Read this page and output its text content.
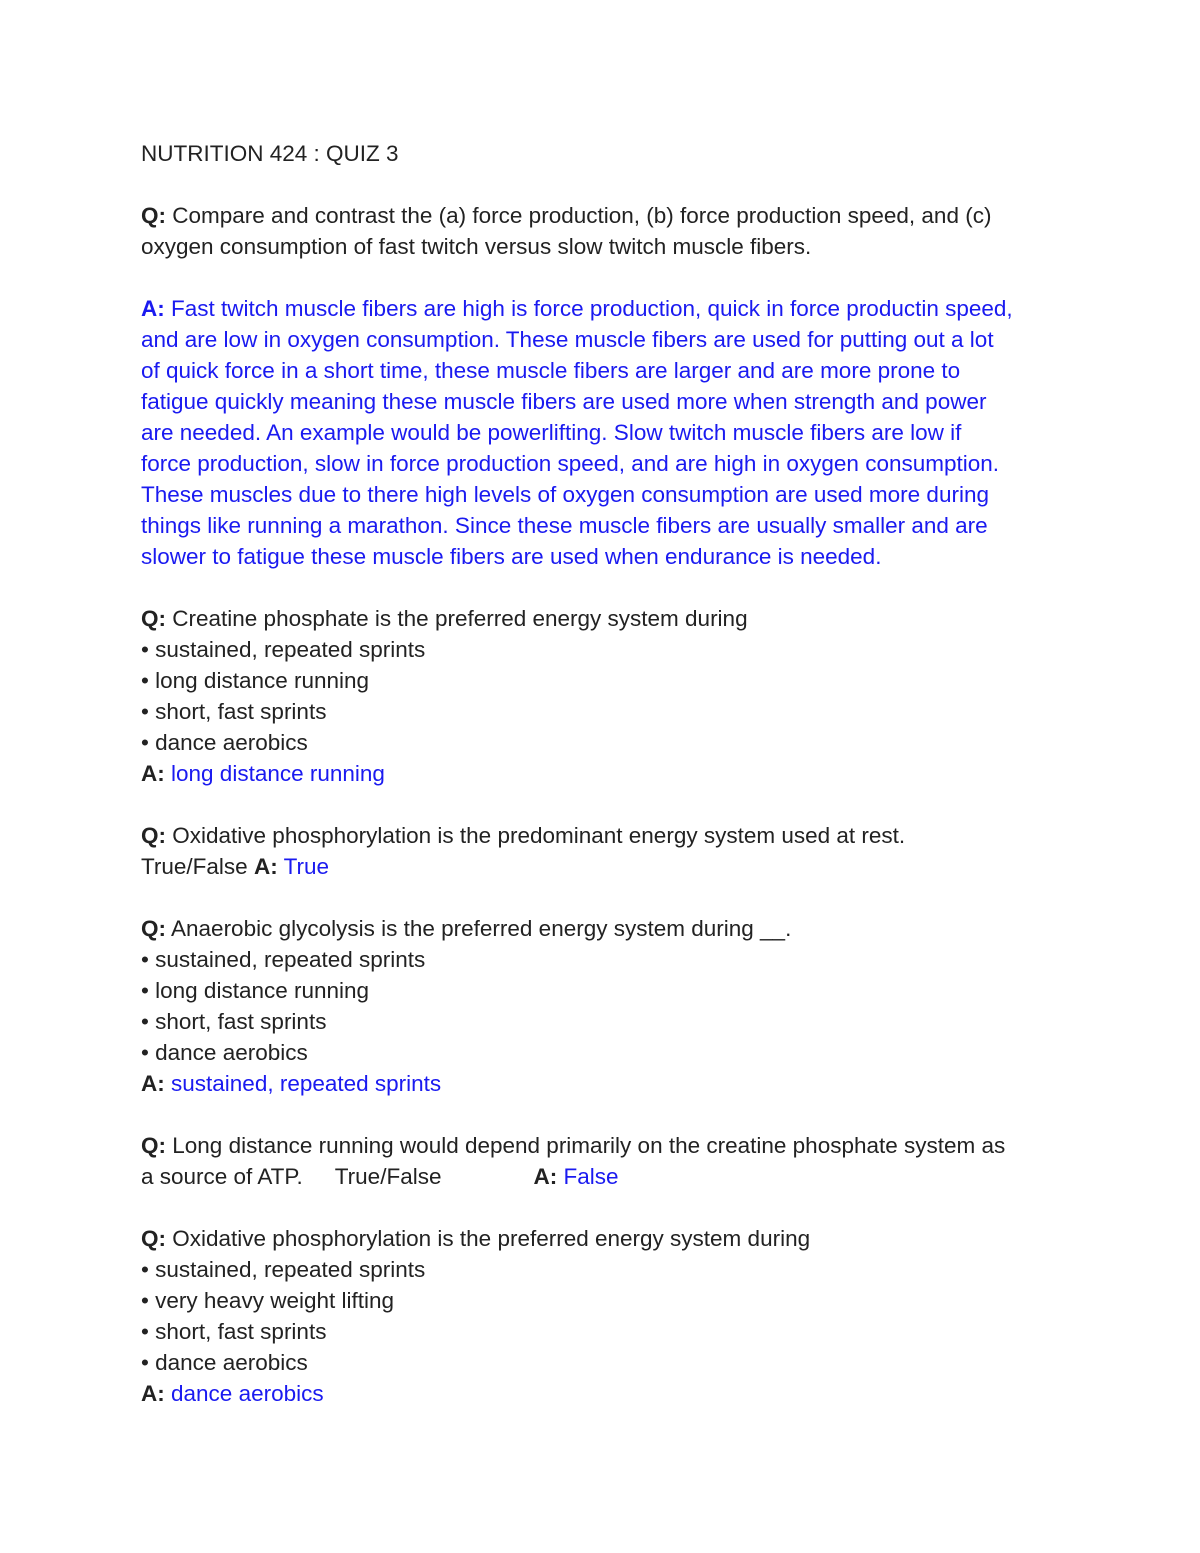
NUTRITION 424 : QUIZ 3
Q: Compare and contrast the (a) force production, (b) force production speed, and (c)
oxygen consumption of fast twitch versus slow twitch muscle fibers.
A: Fast twitch muscle fibers are high is force production, quick in force productin speed,
and are low in oxygen consumption. These muscle fibers are used for putting out a lot
of quick force in a short time, these muscle fibers are larger and are more prone to
fatigue quickly meaning these muscle fibers are used more when strength and power
are needed. An example would be powerlifting. Slow twitch muscle fibers are low if
force production, slow in force production speed, and are high in oxygen consumption.
These muscles due to there high levels of oxygen consumption are used more during
things like running a marathon. Since these muscle fibers are usually smaller and are
slower to fatigue these muscle fibers are used when endurance is needed.
Q: Creatine phosphate is the preferred energy system during
• sustained, repeated sprints
• long distance running
• short, fast sprints
• dance aerobics
A: long distance running
Q: Oxidative phosphorylation is the predominant energy system used at rest.
True/False A: True
Q: Anaerobic glycolysis is the preferred energy system during __.
• sustained, repeated sprints
• long distance running
• short, fast sprints
• dance aerobics
A: sustained, repeated sprints
Q: Long distance running would depend primarily on the creatine phosphate system as
a source of ATP. True/False	A: False
Q: Oxidative phosphorylation is the preferred energy system during
• sustained, repeated sprints
• very heavy weight lifting
• short, fast sprints
• dance aerobics
A: dance aerobics
